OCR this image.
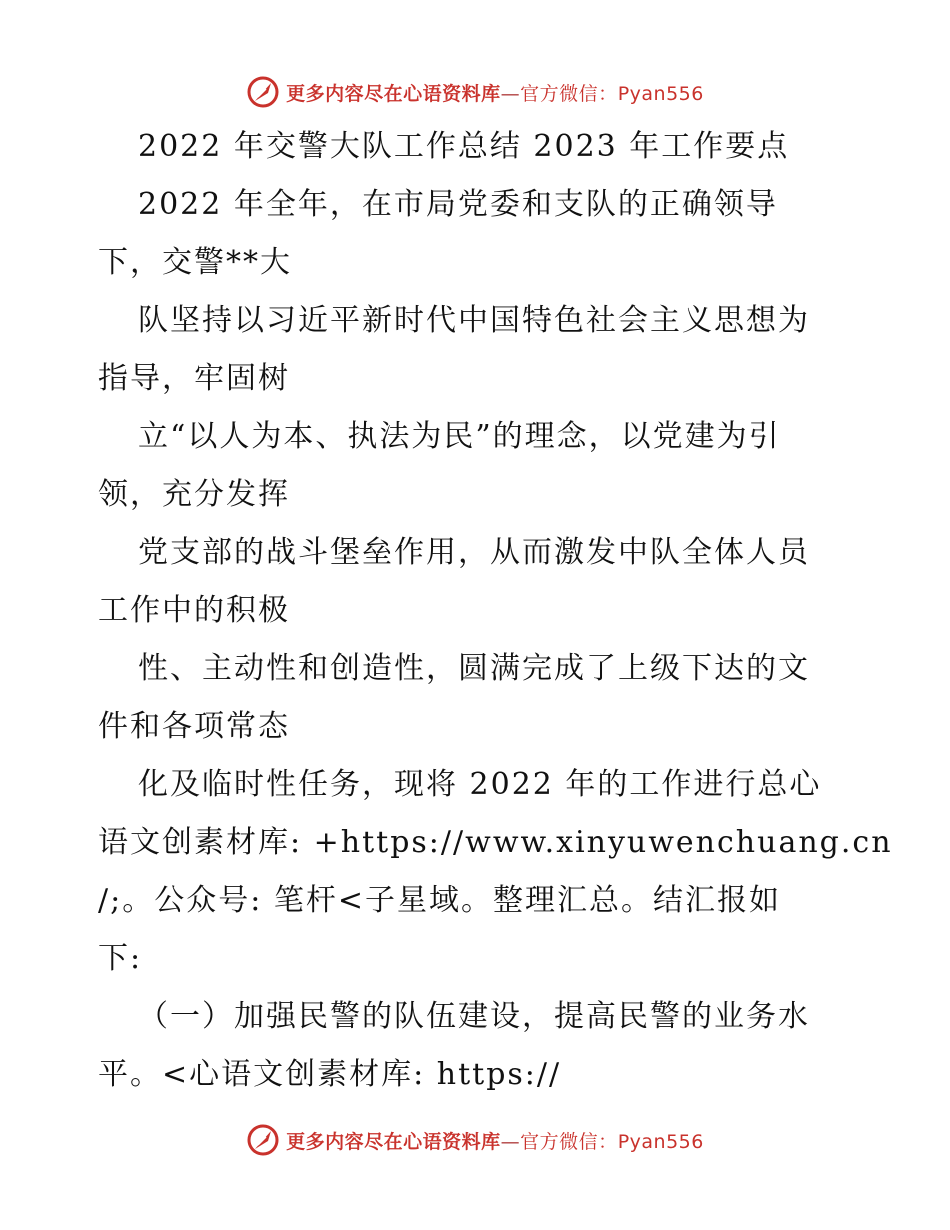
更多内容尽在心语资料库—官方微信：Pyan556
2022 年交警大队工作总结 2023 年工作要点
2022 年全年，在市局党委和支队的正确领导
下，交警**大
队坚持以习近平新时代中国特色社会主义思想为
指导，牢固树
立“以人为本、执法为民”的理念，以党建为引
领，充分发挥
党支部的战斗堡垒作用，从而激发中队全体人员
工作中的积极
性、主动性和创造性，圆满完成了上级下达的文
件和各项常态
化及临时性任务，现将 2022 年的工作进行总心
语文创素材库: +https://www.xinyuwenchuang.cn
/;。公众号: 笔杆<子星域。整理汇总。结汇报如
下:
（一）加强民警的队伍建设，提高民警的业务水
平。<心语文创素材库: https://
更多内容尽在心语资料库—官方微信：Pyan556
